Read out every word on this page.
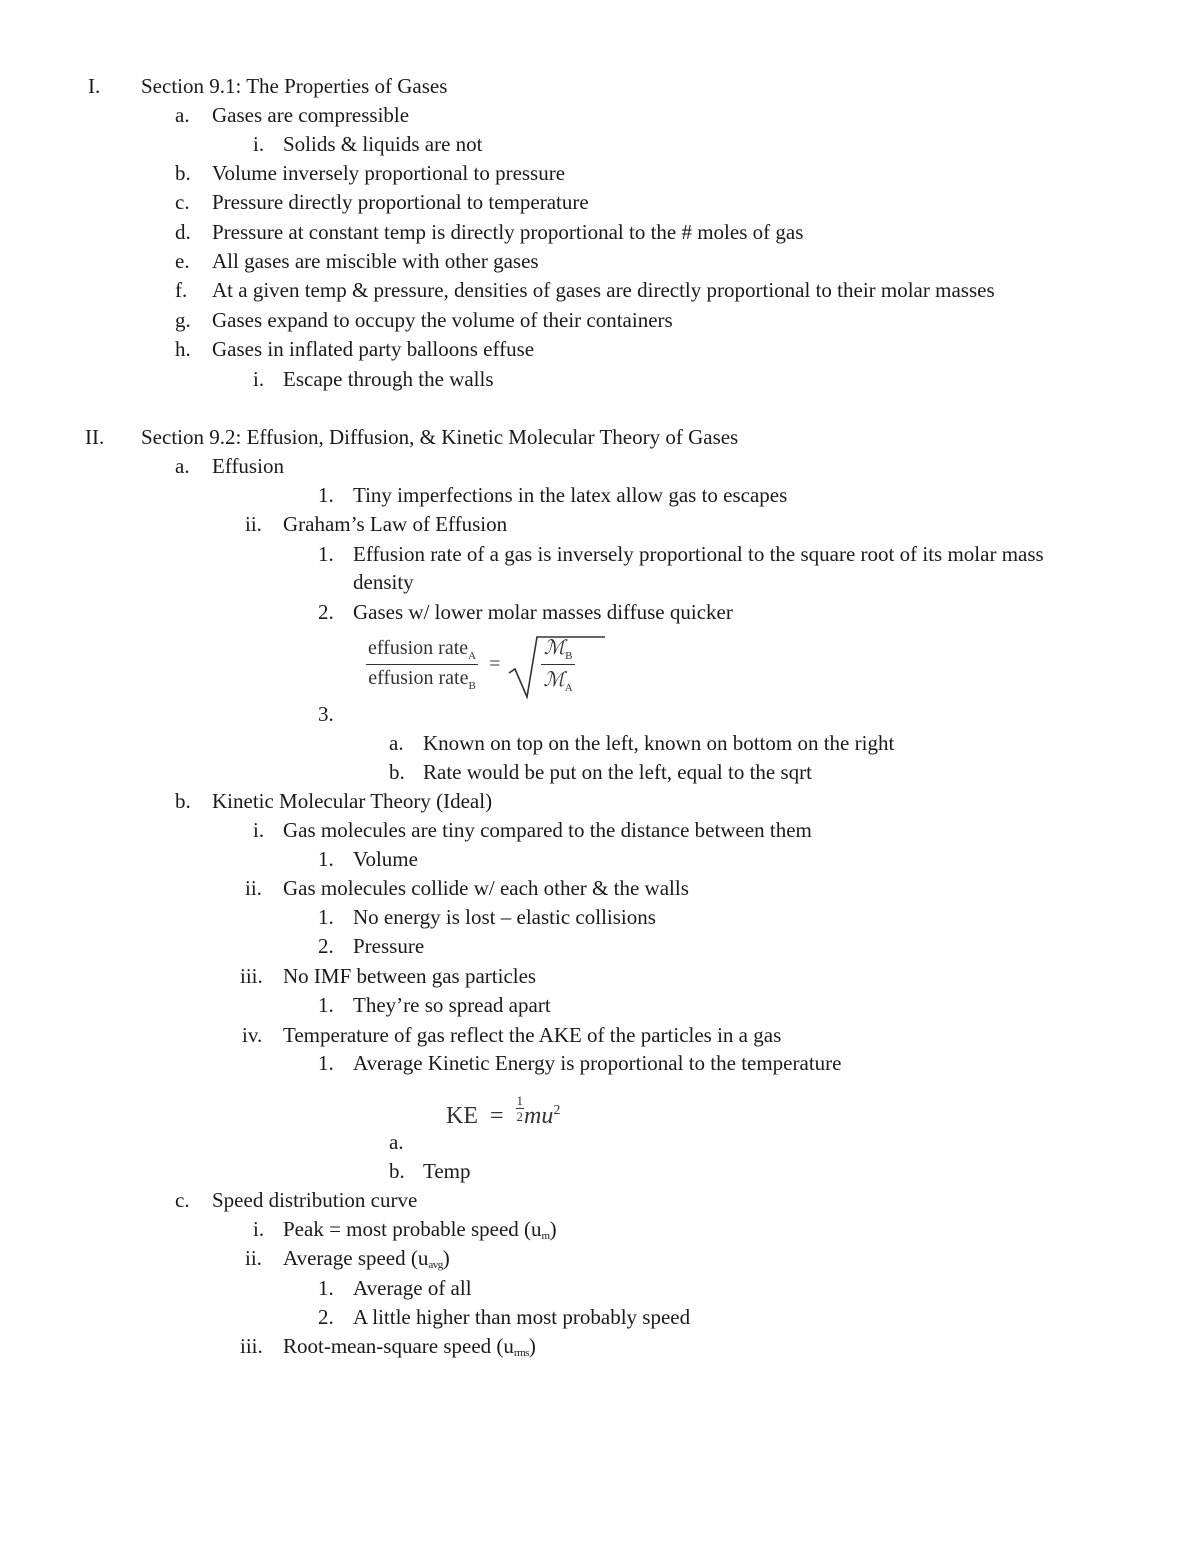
I. Section 9.1: The Properties of Gases
a. Gases are compressible
i. Solids & liquids are not
b. Volume inversely proportional to pressure
c. Pressure directly proportional to temperature
d. Pressure at constant temp is directly proportional to the # moles of gas
e. All gases are miscible with other gases
f. At a given temp & pressure, densities of gases are directly proportional to their molar masses
g. Gases expand to occupy the volume of their containers
h. Gases in inflated party balloons effuse
i. Escape through the walls
II. Section 9.2: Effusion, Diffusion, & Kinetic Molecular Theory of Gases
a. Effusion
1. Tiny imperfections in the latex allow gas to escapes
ii. Graham’s Law of Effusion
1. Effusion rate of a gas is inversely proportional to the square root of its molar mass
density
2. Gases w/ lower molar masses diffuse quicker
$\frac{effusion rate_A}{effusion rate_B} = \frac{ℳ_B}{ℳ_A}$
3.
a. Known on top on the left, known on bottom on the right
b. Rate would be put on the left, equal to the sqrt
b. Kinetic Molecular Theory (Ideal)
i. Gas molecules are tiny compared to the distance between them
1. Volume
ii. Gas molecules collide w/ each other & the walls
1. No energy is lost – elastic collisions
2. Pressure
iii. No IMF between gas particles
1. They’re so spread apart
iv. Temperature of gas reflect the AKE of the particles in a gas
1. Average Kinetic Energy is proportional to the temperature
KE = $\frac{1}{2} mu^2$
a.
b. Temp
c. Speed distribution curve
i. Peak = most probable speed $(u_m)$
ii. Average speed $(u_{avg})$
1. Average of all
2. A little higher than most probably speed
iii. Root-mean-square speed $(u_{rms})$
